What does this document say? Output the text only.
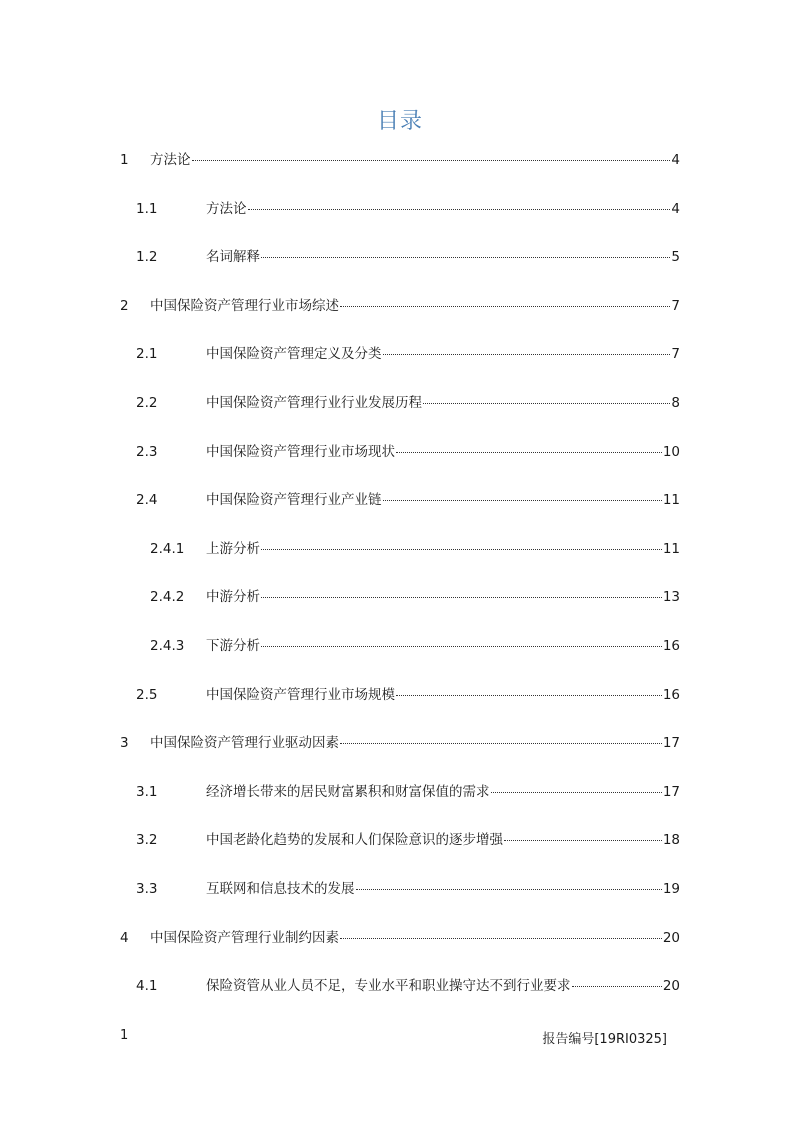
目录
1	方法论	4
1.1	方法论	4
1.2	名词解释	5
2	中国保险资产管理行业市场综述	7
2.1	中国保险资产管理定义及分类	7
2.2	中国保险资产管理行业行业发展历程	8
2.3	中国保险资产管理行业市场现状	10
2.4	中国保险资产管理行业产业链	11
2.4.1	上游分析	11
2.4.2	中游分析	13
2.4.3	下游分析	16
2.5	中国保险资产管理行业市场规模	16
3	中国保险资产管理行业驱动因素	17
3.1	经济增长带来的居民财富累积和财富保值的需求	17
3.2	中国老龄化趋势的发展和人们保险意识的逐步增强	18
3.3	互联网和信息技术的发展	19
4	中国保险资产管理行业制约因素	20
4.1	保险资管从业人员不足，专业水平和职业操守达不到行业要求	20
1	报告编号[19RI0325]
